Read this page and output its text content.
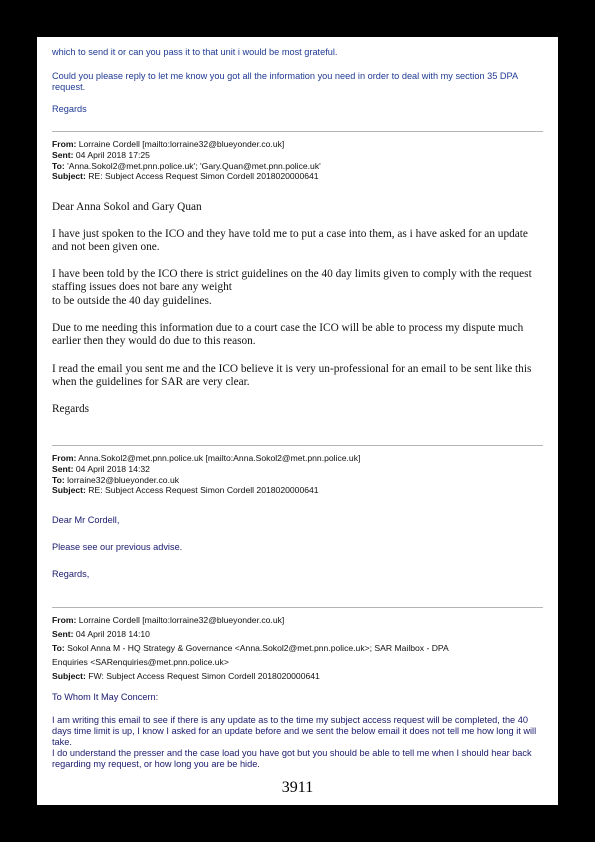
which to send it or can you pass it to that unit i would be most grateful.

Could you please reply to let me know you got all the information you need in order to deal with my section 35 DPA request.

Regards

From: Lorraine Cordell [mailto:lorraine32@blueyonder.co.uk]

Sent: 04 April 2018 17:25

To: 'Anna.Sokol2@met.pnn.police.uk'; 'Gary.Quan@met.pnn.police.uk'

Subject: RE: Subject Access Request Simon Cordell 2018020000641

Dear Anna Sokol and Gary Quan

I have just spoken to the ICO and they have told me to put a case into them, as i have asked for an update and not been given one.

I have been told by the ICO there is strict guidelines on the 40 day limits given to comply with the request staffing issues does not bare any weight

to be outside the 40 day guidelines.

Due to me needing this information due to a court case the ICO will be able to process my dispute much earlier then they would do due to this reason.

I read the email you sent me and the ICO believe it is very un-professional for an email to be sent like this when the guidelines for SAR are very clear.

Regards

From: Anna.Sokol2@met.pnn.police.uk [mailto:Anna.Sokol2@met.pnn.police.uk]

Sent: 04 April 2018 14:32

To: lorraine32@blueyonder.co.uk

Subject: RE: Subject Access Request Simon Cordell 2018020000641

Dear Mr Cordell,

Please see our previous advise.

Regards,

From: Lorraine Cordell [mailto:lorraine32@blueyonder.co.uk]

Sent: 04 April 2018 14:10

To: Sokol Anna M - HQ Strategy & Governance <Anna.Sokol2@met.pnn.police.uk>; SAR Mailbox - DPA
Enquiries <SARenquiries@met.pnn.police.uk>

Subject: FW: Subject Access Request Simon Cordell 2018020000641

To Whom It May Concern:

I am writing this email to see if there is any update as to the time my subject access request will be completed, the 40 days time limit is up, I know I asked for an update before and we sent the below email it does not tell me how long it will take.

I do understand the presser and the case load you have got but you should be able to tell me when I should hear back regarding my request, or how long you are be hide.

3911
